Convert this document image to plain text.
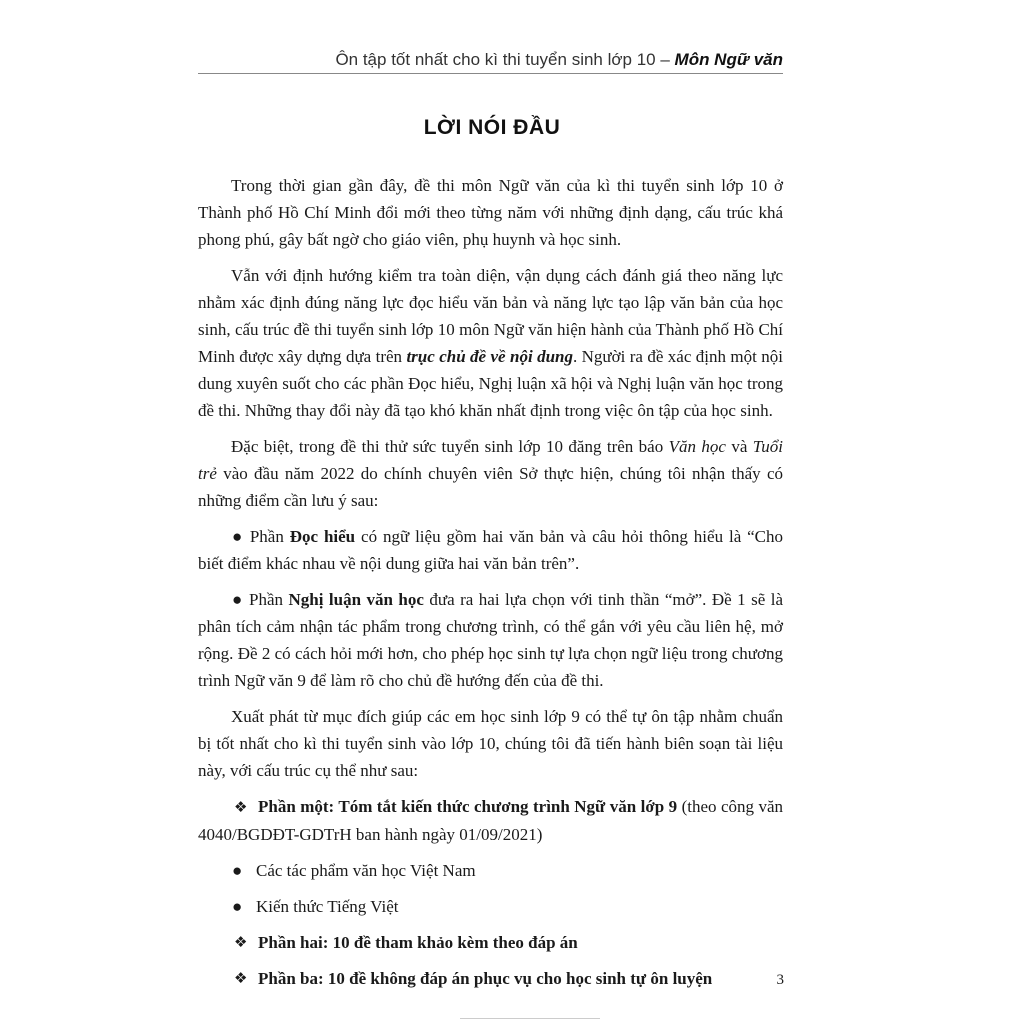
Ôn tập tốt nhất cho kì thi tuyển sinh lớp 10 – Môn Ngữ văn
LỜI NÓI ĐẦU

Trong thời gian gần đây, đề thi môn Ngữ văn của kì thi tuyển sinh lớp 10 ở Thành phố Hồ Chí Minh đổi mới theo từng năm với những định dạng, cấu trúc khá phong phú, gây bất ngờ cho giáo viên, phụ huynh và học sinh.

Vẫn với định hướng kiểm tra toàn diện, vận dụng cách đánh giá theo năng lực nhằm xác định đúng năng lực đọc hiểu văn bản và năng lực tạo lập văn bản của học sinh, cấu trúc đề thi tuyển sinh lớp 10 môn Ngữ văn hiện hành của Thành phố Hồ Chí Minh được xây dựng dựa trên trục chủ đề về nội dung. Người ra đề xác định một nội dung xuyên suốt cho các phần Đọc hiểu, Nghị luận xã hội và Nghị luận văn học trong đề thi. Những thay đổi này đã tạo khó khăn nhất định trong việc ôn tập của học sinh.

Đặc biệt, trong đề thi thử sức tuyển sinh lớp 10 đăng trên báo Văn học và Tuổi trẻ vào đầu năm 2022 do chính chuyên viên Sở thực hiện, chúng tôi nhận thấy có những điểm cần lưu ý sau:

● Phần Đọc hiểu có ngữ liệu gồm hai văn bản và câu hỏi thông hiểu là “Cho biết điểm khác nhau về nội dung giữa hai văn bản trên”.
● Phần Nghị luận văn học đưa ra hai lựa chọn với tinh thần “mở”. Đề 1 sẽ là phân tích cảm nhận tác phẩm trong chương trình, có thể gắn với yêu cầu liên hệ, mở rộng. Đề 2 có cách hỏi mới hơn, cho phép học sinh tự lựa chọn ngữ liệu trong chương trình Ngữ văn 9 để làm rõ cho chủ đề hướng đến của đề thi.

Xuất phát từ mục đích giúp các em học sinh lớp 9 có thể tự ôn tập nhằm chuẩn bị tốt nhất cho kì thi tuyển sinh vào lớp 10, chúng tôi đã tiến hành biên soạn tài liệu này, với cấu trúc cụ thể như sau:

❖ Phần một: Tóm tắt kiến thức chương trình Ngữ văn lớp 9 (theo công văn 4040/BGDĐT-GDTrH ban hành ngày 01/09/2021)
● Các tác phẩm văn học Việt Nam
● Kiến thức Tiếng Việt
❖ Phần hai: 10 đề tham khảo kèm theo đáp án
❖ Phần ba: 10 đề không đáp án phục vụ cho học sinh tự ôn luyện	3
